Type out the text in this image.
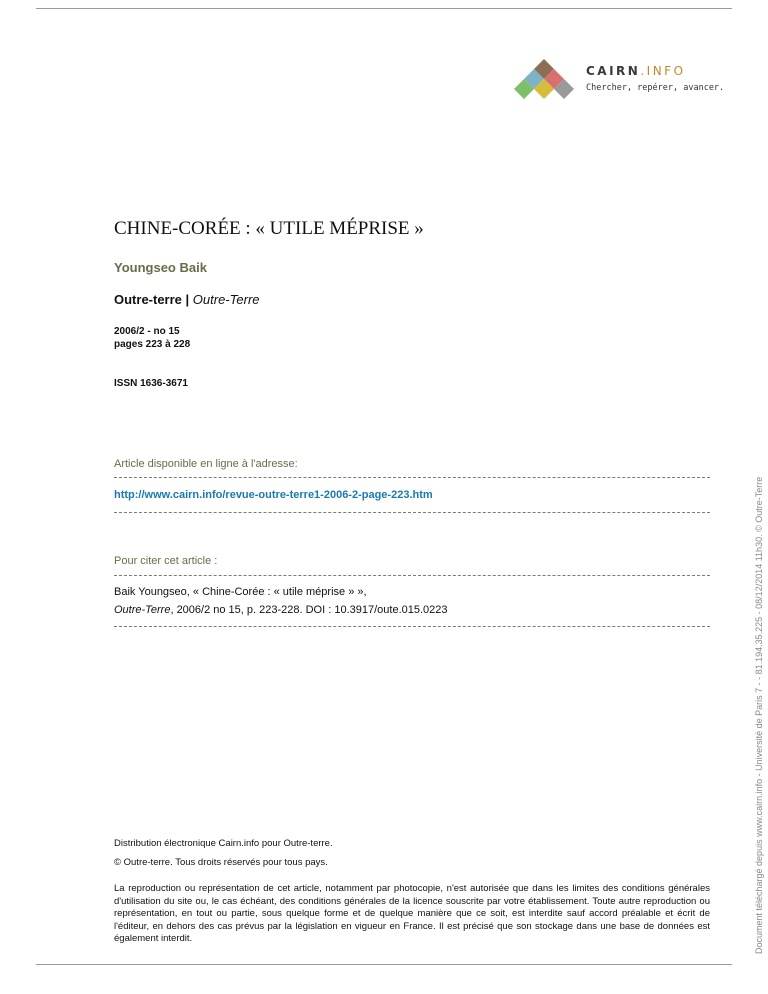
CAIRN.INFO
Chercher, repérer, avancer.
CHINE-CORÉE : « UTILE MÉPRISE »
Youngseo Baik
Outre-terre | Outre-Terre
2006/2 - no 15
pages 223 à 228
ISSN 1636-3671
Article disponible en ligne à l'adresse:
http://www.cairn.info/revue-outre-terre1-2006-2-page-223.htm
Pour citer cet article :
Baik Youngseo, « Chine-Corée : « utile méprise » »,
Outre-Terre, 2006/2 no 15, p. 223-228. DOI : 10.3917/oute.015.0223
Distribution électronique Cairn.info pour Outre-terre.
© Outre-terre. Tous droits réservés pour tous pays.
La reproduction ou représentation de cet article, notamment par photocopie, n'est autorisée que dans les limites des conditions générales d'utilisation du site ou, le cas échéant, des conditions générales de la licence souscrite par votre établissement. Toute autre reproduction ou représentation, en tout ou partie, sous quelque forme et de quelque manière que ce soit, est interdite sauf accord préalable et écrit de l'éditeur, en dehors des cas prévus par la législation en vigueur en France. Il est précisé que son stockage dans une base de données est également interdit.	Document téléchargé depuis www.cairn.info - Université de Paris 7 - - 81.194.35.225 - 08/12/2014 11h30. © Outre-Terre
